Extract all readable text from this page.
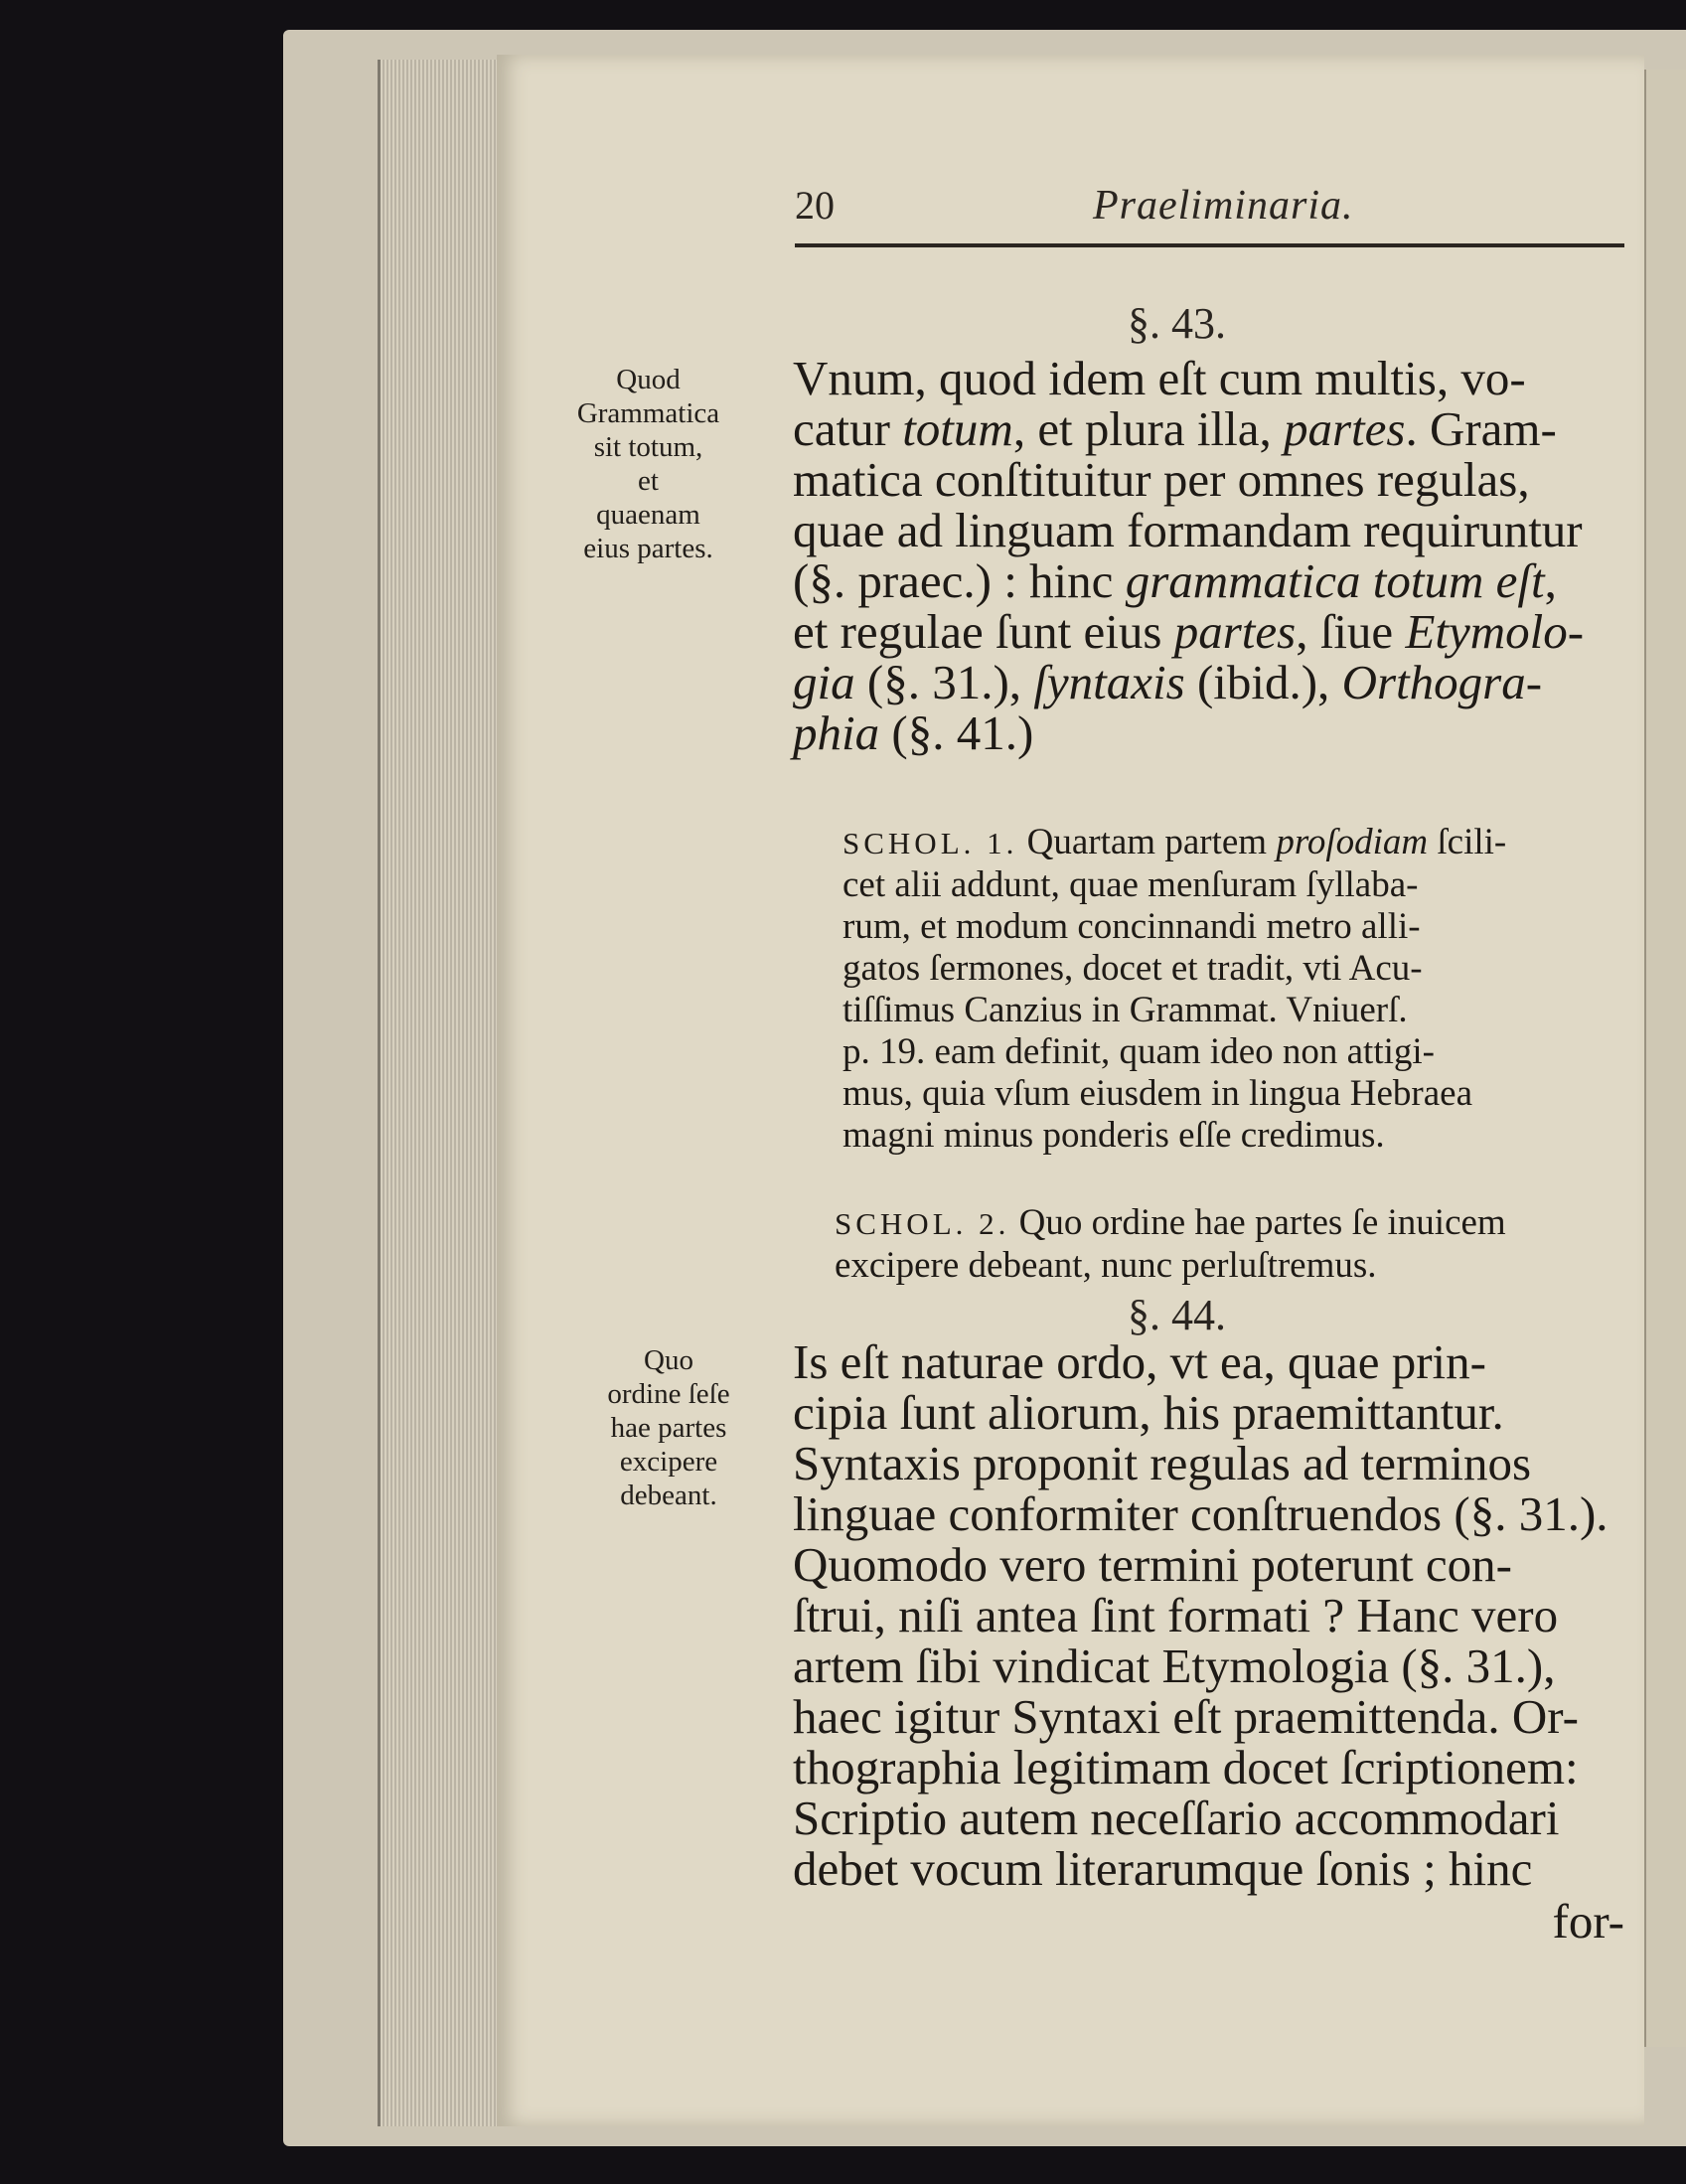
20	Praeliminaria.
§. 43.
Quod
Grammatica
sit totum,
et
quaenam
eius partes.
Vnum, quod idem eſt cum multis, vo-
catur totum, et plura illa, partes. Gram-
matica conſtituitur per omnes regulas,
quae ad linguam formandam requiruntur
(§. praec.) : hinc grammatica totum eſt,
et regulae ſunt eius partes, ſiue Etymolo-
gia (§. 31.), ſyntaxis (ibid.), Orthogra-
phia (§. 41.)

SCHOL. 1. Quartam partem proſodiam ſcili-
cet alii addunt, quae menſuram ſyllaba-
rum, et modum concinnandi metro alli-
gatos ſermones, docet et tradit, vti Acu-
tiſſimus Canzius in Grammat. Vniuerſ.
p. 19. eam definit, quam ideo non attigi-
mus, quia vſum eiusdem in lingua Hebraea
magni minus ponderis eſſe credimus.

SCHOL. 2. Quo ordine hae partes ſe inuicem
excipere debeant, nunc perluſtremus.

§. 44.
Quo
ordine ſeſe
hae partes
excipere
debeant.
Is eſt naturae ordo, vt ea, quae prin-
cipia ſunt aliorum, his praemittantur.
Syntaxis proponit regulas ad terminos
linguae conformiter conſtruendos (§. 31.).
Quomodo vero termini poterunt con-
ſtrui, niſi antea ſint formati ? Hanc vero
artem ſibi vindicat Etymologia (§. 31.),
haec igitur Syntaxi eſt praemittenda. Or-
thographia legitimam docet ſcriptionem:
Scriptio autem neceſſario accommodari
debet vocum literarumque ſonis ; hinc
for-
